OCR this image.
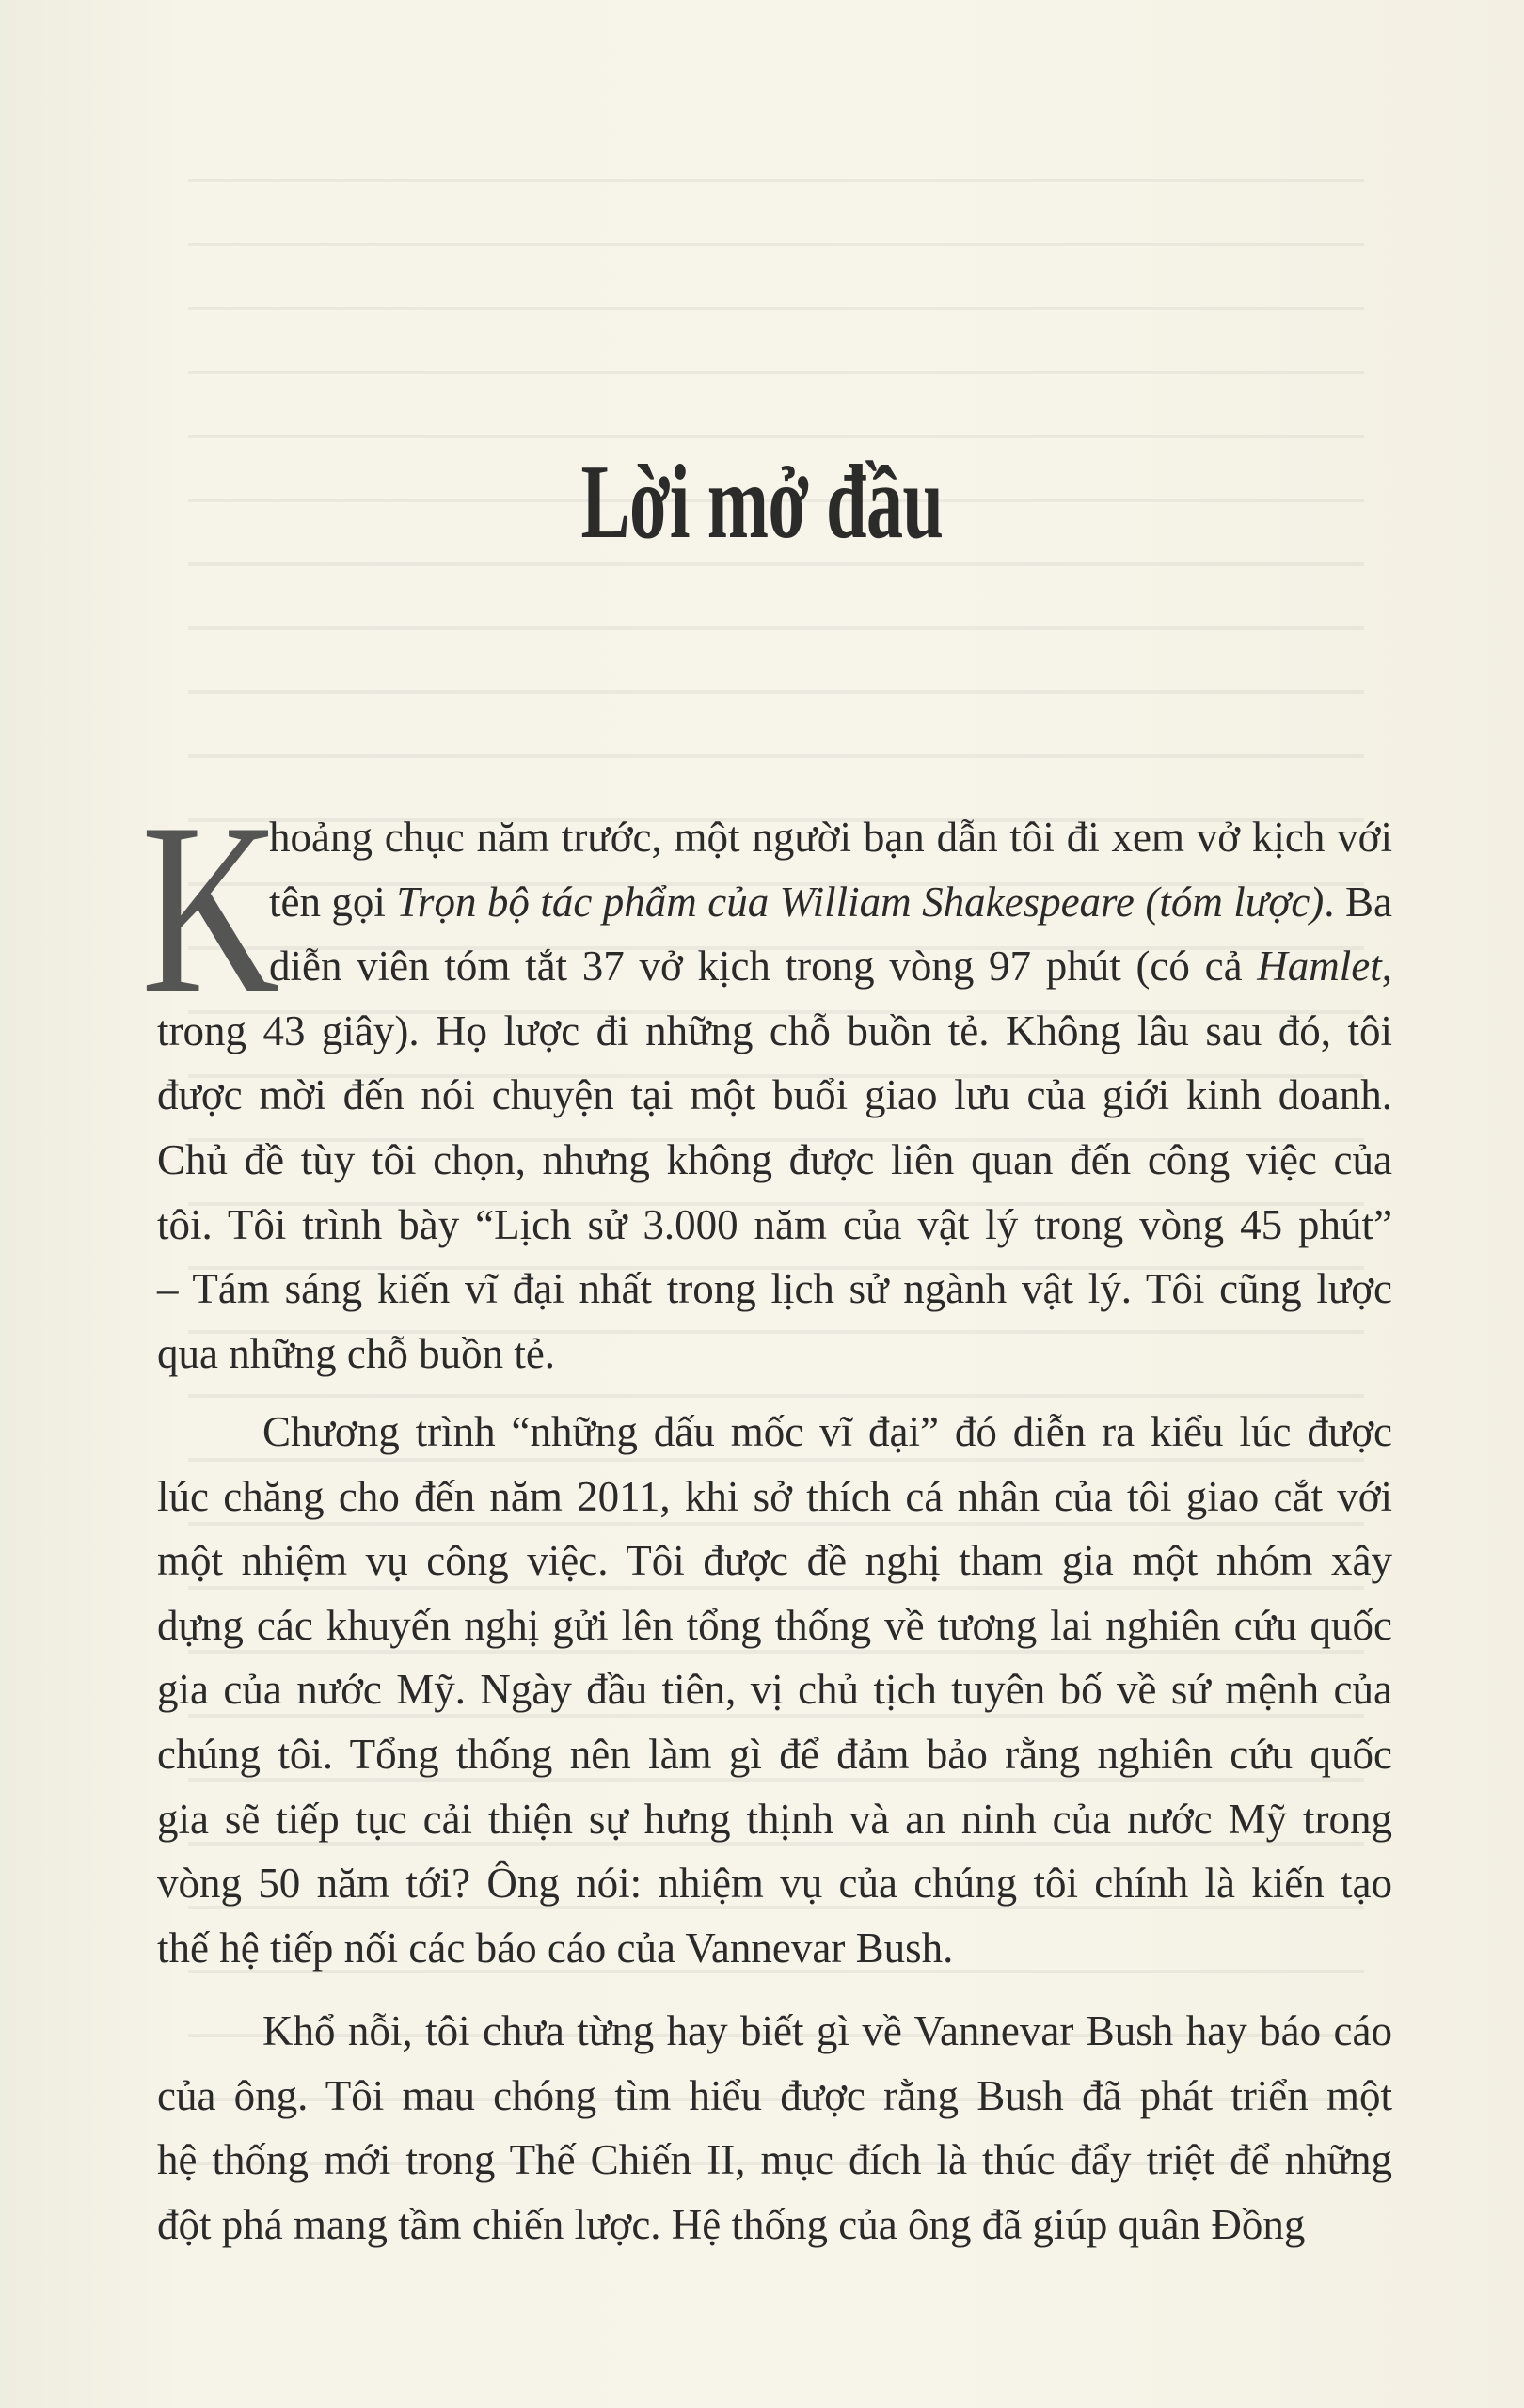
Lời mở đầu
K
hoảng chục năm trước, một người bạn dẫn tôi đi xem vở kịch với
tên gọi Trọn bộ tác phẩm của William Shakespeare (tóm lược). Ba
diễn viên tóm tắt 37 vở kịch trong vòng 97 phút (có cả Hamlet,
trong 43 giây). Họ lược đi những chỗ buồn tẻ. Không lâu sau đó, tôi
được mời đến nói chuyện tại một buổi giao lưu của giới kinh doanh.
Chủ đề tùy tôi chọn, nhưng không được liên quan đến công việc của
tôi. Tôi trình bày “Lịch sử 3.000 năm của vật lý trong vòng 45 phút”
– Tám sáng kiến vĩ đại nhất trong lịch sử ngành vật lý. Tôi cũng lược
qua những chỗ buồn tẻ.
Chương trình “những dấu mốc vĩ đại” đó diễn ra kiểu lúc được
lúc chăng cho đến năm 2011, khi sở thích cá nhân của tôi giao cắt với
một nhiệm vụ công việc. Tôi được đề nghị tham gia một nhóm xây
dựng các khuyến nghị gửi lên tổng thống về tương lai nghiên cứu quốc
gia của nước Mỹ. Ngày đầu tiên, vị chủ tịch tuyên bố về sứ mệnh của
chúng tôi. Tổng thống nên làm gì để đảm bảo rằng nghiên cứu quốc
gia sẽ tiếp tục cải thiện sự hưng thịnh và an ninh của nước Mỹ trong
vòng 50 năm tới? Ông nói: nhiệm vụ của chúng tôi chính là kiến tạo
thế hệ tiếp nối các báo cáo của Vannevar Bush.
Khổ nỗi, tôi chưa từng hay biết gì về Vannevar Bush hay báo cáo
của ông. Tôi mau chóng tìm hiểu được rằng Bush đã phát triển một
hệ thống mới trong Thế Chiến II, mục đích là thúc đẩy triệt để những
đột phá mang tầm chiến lược. Hệ thống của ông đã giúp quân Đồng
